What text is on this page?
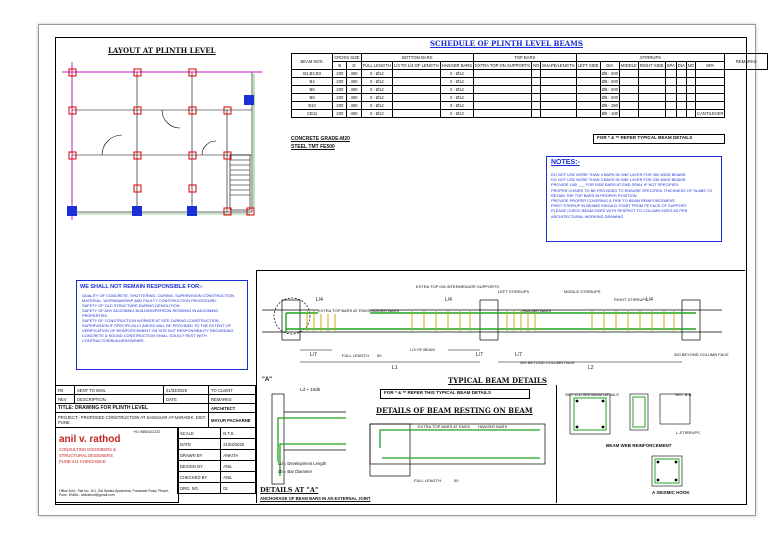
LAYOUT AT PLINTH LEVEL
SCHEDULE OF PLINTH LEVEL BEAMS
BEAM NOS.	CROSS SIZE		BOTTOM BARS			TOP BARS			STIRRUPS								REMARKS
	B	D	FULL LENGTH	L/3 TO 1/4 OF LENGTH	HANGER BARS	EXTRA TOP ON SUPPORTS	NO	SHAPE/LENGTH	LEFT SIDE	DIA	MIDDLE	RIGHT SIDE	SPA	DIA	NO	SPA	
B1,B2,B3	230	450	3 - Ø12		2 - Ø12					Ø8 - 200							
B4	230	450	3 - Ø12		2 - Ø12					Ø8 - 200							
B5	230	450	3 - Ø12		2 - Ø12					Ø8 - 200							
B6	230	450	3 - Ø12		2 - Ø12					Ø8 - 200							
B10	230	450	3 - Ø12		3 - Ø12					Ø8 - 150							
CB11	230	450	3 - Ø12		2 - Ø12					Ø8 - 100						CANTILEVER	
CONCRETE GRADE-M20
STEEL TMT FE500
FOR * & ** REFER TYPICAL BEAM DETAILS
NOTES:-
DO NOT USE MORE THAN 4 BARS IN ONE LAYER FOR 300 WIDE BEAMS.
DO NOT USE MORE THAN 3 BARS IN ONE LAYER FOR 230 WIDE BEAMS.
PROVIDE 10Ø ___ FOR SIDE BARS AT END SPAN. IF NOT SPECIFIED.
PROPER CHAIRS TO BE PROVIDED TO ENSURE SPECIFIED THICKNESS OF SLABS TO RETAIN THE TOP BARS IN PROPER POSITION.
PROVIDE PROPER COVERING & FIRE TO BEAM REINFORCEMENT.
FIRST STIRRUP IN BEAMS SHOULD START FROM FE FACE OF SUPPORT.
PLEASE CHECK BEAM SIZES WITH RESPECT TO COLUMN SIZES AS PER ARCHITECTURAL WORKING DRAWING.
WE SHALL NOT REMAIN RESPONSIBLE FOR:-
QUALITY OF CONCRETE, SHUTTERING, CURING, SUPERVISION CONSTRUCTION MATERIAL, WORKMANSHIP AND FAULTY CONSTRUCTION PROCEDURE.
SAFETY OF OLD STRUCTURE DURING DEMOLITION.
SAFETY OF ANY ADJOINING BUILDING/PERSON RESIDING IN ADJOINING PROPERTIES.
SAFETY OF CONSTRUCTION WORKER AT SITE DURING CONSTRUCTION.
SUPERVISION IF SPECIFICALLY ASKED WILL BE PROVIDED TO THE EXTENT OF VERIFICATION OF REINFORCEMENT ON SITE BUT RESPONSIBILITY REGARDING CONCRETE & SOUND CONSTRUCTION SHALL SOLELY REST WITH CONTRACTOR/BUILDER/OWNER.
L/4	L/4	L/4
EXTRA TOP ON INTERMEDIATE SUPPORTS
EXTRA TOP BARS AT ENDS HANGER BARS
LEFT STIRRUPS	MIDDLE STIRRUPS
RIGHT STIRRUPS
HANGER BARS
L/7	L/7	L/7
FULL LENGTH 50
L/3 OF BEAM
300 BEYOND COLUMN FACE
300 BEYOND COLUMN FACE
L1	L2
"A"	TYPICAL BEAM DETAILS
FOR * & ** REFER THIS TYPICAL BEAM DETAILS
Ld + 10db
Ld = Development Length
db = Bar Diameter
DETAILS AT "A"
ANCHORAGE OF BEAM BARS IN AN EXTERNAL JOINT
DETAILS OF BEAM RESTING ON BEAM
EXTRA TOP BARS AT ENDS HANGER BARS
FULL LENGTH	50
SEC. D-D SEE BEAM DETAILS	SEC. B-B
L-STIRRUPS
BEAM WEB REINFORCEMENT
A SEISMIC HOOK
R0	SENT TO MAIL	21/03/2025	TO CLIENT
REV	DESCRIPTION	DATE	REMARKS
TITLE: DRAWING FOR PLINTH LEVEL			ARCHITECT
PROJECT:- PROPOSED CONSTRUCTION AT SAMAGAR AT-NARADHI, DIST. PUNE.			MAYUR PACHARNE
+91 9850422222
anil v. rathod
CONSULTING ENGINEERS &
STRUCTURAL DESIGNERS
PUNE-411 CHINCHWAD
Office Add:- Flat No. 101, Sai Sankul Apartment, Punawale Road, Pimpri, Pune. EMAIL: anilrathod@gmail.com
SCALE	N.T.S.
DATE	21/03/2025
DRAWN BY	ANKITA
DESIGN BY	ANIL
CHECKED BY	ANIL
DRG. NO.	01
